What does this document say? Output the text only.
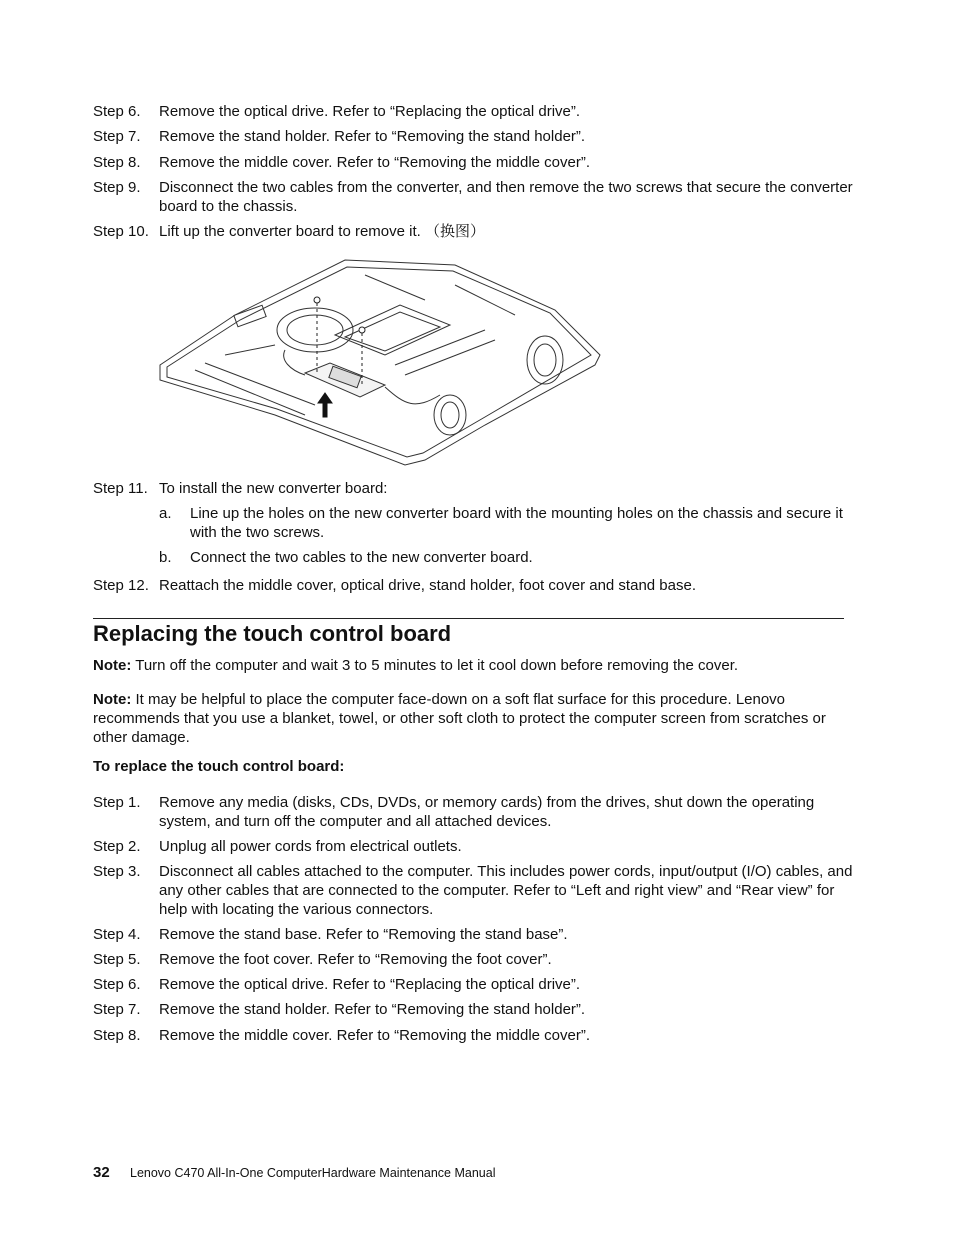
Step 6. Remove the optical drive. Refer to “Replacing the optical drive”.
Step 7. Remove the stand holder. Refer to “Removing the stand holder”.
Step 8. Remove the middle cover. Refer to “Removing the middle cover”.
Step 9. Disconnect the two cables from the converter, and then remove the two screws that secure the converter board to the chassis.
Step 10. Lift up the converter board to remove it. （换图）
Step 11. To install the new converter board:
a. Line up the holes on the new converter board with the mounting holes on the chassis and secure it with the two screws.
b. Connect the two cables to the new converter board.
Step 12. Reattach the middle cover, optical drive, stand holder, foot cover and stand base.
Replacing the touch control board
Note: Turn off the computer and wait 3 to 5 minutes to let it cool down before removing the cover.
Note: It may be helpful to place the computer face-down on a soft flat surface for this procedure. Lenovo recommends that you use a blanket, towel, or other soft cloth to protect the computer screen from scratches or other damage.
To replace the touch control board:
Step 1. Remove any media (disks, CDs, DVDs, or memory cards) from the drives, shut down the operating system, and turn off the computer and all attached devices.
Step 2. Unplug all power cords from electrical outlets.
Step 3. Disconnect all cables attached to the computer. This includes power cords, input/output (I/O) cables, and any other cables that are connected to the computer. Refer to “Left and right view” and “Rear view” for help with locating the various connectors.
Step 4. Remove the stand base. Refer to “Removing the stand base”.
Step 5. Remove the foot cover. Refer to “Removing the foot cover”.
Step 6. Remove the optical drive. Refer to “Replacing the optical drive”.
Step 7. Remove the stand holder. Refer to “Removing the stand holder”.
Step 8. Remove the middle cover. Refer to “Removing the middle cover”.
32 Lenovo C470 All-In-One ComputerHardware Maintenance Manual
